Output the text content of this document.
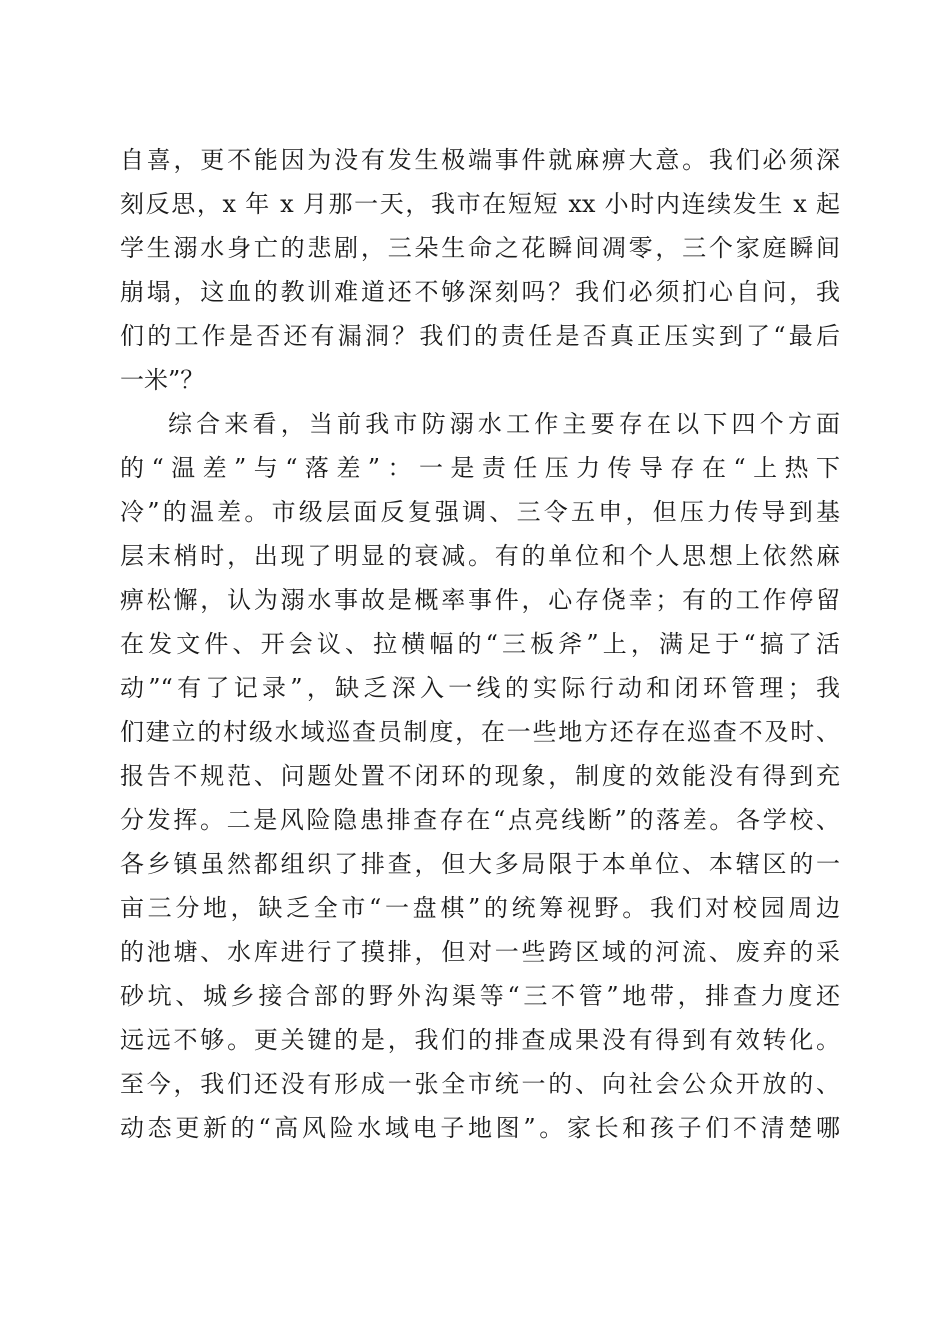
自喜，更不能因为没有发生极端事件就麻痹大意。我们必须深
刻反思，x 年 x 月那一天，我市在短短 xx 小时内连续发生 x 起
学生溺水身亡的悲剧，三朵生命之花瞬间凋零，三个家庭瞬间
崩塌，这血的教训难道还不够深刻吗？我们必须扪心自问，我
们的工作是否还有漏洞？我们的责任是否真正压实到了“最后
一米”？
综合来看，当前我市防溺水工作主要存在以下四个方面
的“温差”与“落差”：一是责任压力传导存在“上热下
冷”的温差。市级层面反复强调、三令五申，但压力传导到基
层末梢时，出现了明显的衰减。有的单位和个人思想上依然麻
痹松懈，认为溺水事故是概率事件，心存侥幸；有的工作停留
在发文件、开会议、拉横幅的“三板斧”上，满足于“搞了活
动”“有了记录”，缺乏深入一线的实际行动和闭环管理；我
们建立的村级水域巡查员制度，在一些地方还存在巡查不及时、
报告不规范、问题处置不闭环的现象，制度的效能没有得到充
分发挥。二是风险隐患排查存在“点亮线断”的落差。各学校、
各乡镇虽然都组织了排查，但大多局限于本单位、本辖区的一
亩三分地，缺乏全市“一盘棋”的统筹视野。我们对校园周边
的池塘、水库进行了摸排，但对一些跨区域的河流、废弃的采
砂坑、城乡接合部的野外沟渠等“三不管”地带，排查力度还
远远不够。更关键的是，我们的排查成果没有得到有效转化。
至今，我们还没有形成一张全市统一的、向社会公众开放的、
动态更新的“高风险水域电子地图”。家长和孩子们不清楚哪
